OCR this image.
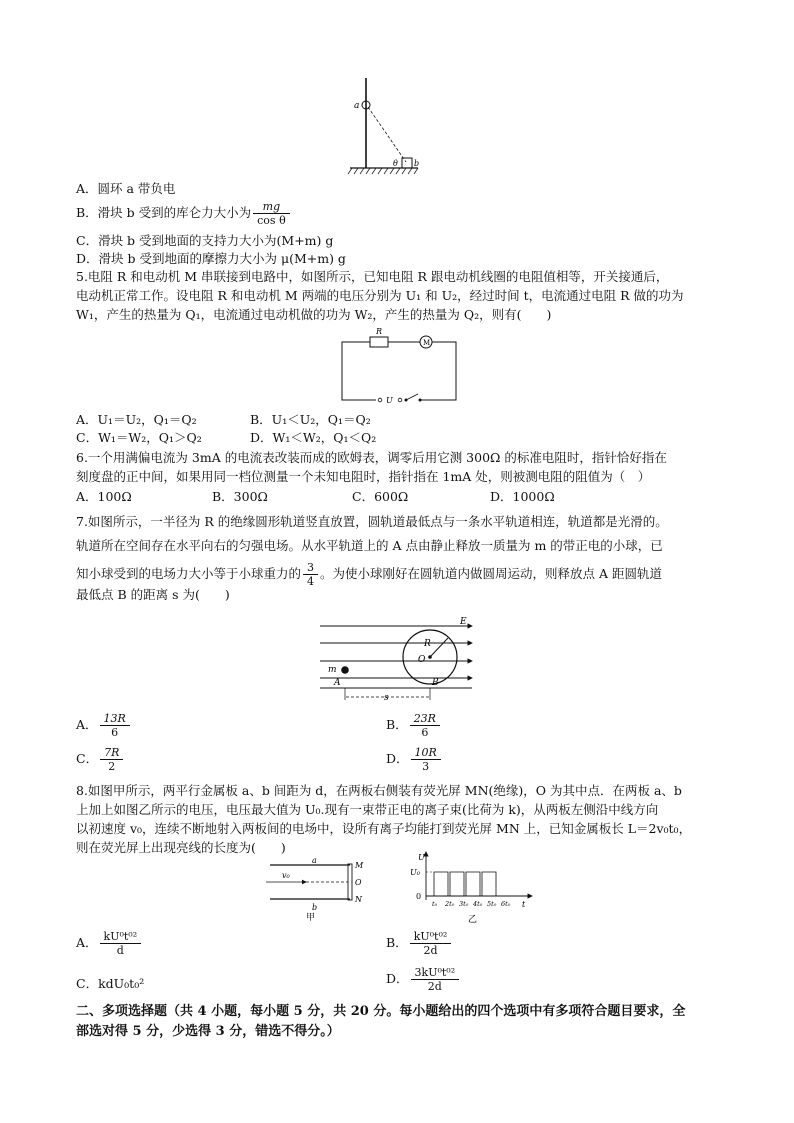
a
θ b
A．圆环 a 带负电
B．滑块 b 受到的库仑力大小为 $\frac{mg}{\text{cos θ}}$
C．滑块 b 受到地面的支持力大小为(M+m) g
D．滑块 b 受到地面的摩擦力大小为 μ(M+m) g
5.电阻 R 和电动机 M 串联接到电路中，如图所示，已知电阻 R 跟电动机线圈的电阻值相等，开关接通后，
电动机正常工作。设电阻 R 和电动机 M 两端的电压分别为 U₁ 和 U₂，经过时间 t，电流通过电阻 R 做的功为
W₁，产生的热量为 Q₁，电流通过电动机做的功为 W₂，产生的热量为 Q₂，则有(　　)
M
R
U
A．U₁＝U₂，Q₁＝Q₂	B．U₁＜U₂，Q₁＝Q₂
C．W₁＝W₂，Q₁＞Q₂	D．W₁＜W₂，Q₁＜Q₂
6.一个用满偏电流为 3mA 的电流表改装而成的欧姆表，调零后用它测 300Ω 的标准电阻时，指针恰好指在
刻度盘的正中间，如果用同一档位测量一个未知电阻时，指针指在 1mA 处，则被测电阻的阻值为（　）
A．100Ω	B．300Ω	C．600Ω	D．1000Ω
7.如图所示，一半径为 R 的绝缘圆形轨道竖直放置，圆轨道最低点与一条水平轨道相连，轨道都是光滑的。
轨道所在空间存在水平向右的匀强电场。从水平轨道上的 A 点由静止释放一质量为 m 的带正电的小球，已
知小球受到的电场力大小等于小球重力的 $\frac{3}{4}$ 。为使小球刚好在圆轨道内做圆周运动，则释放点 A 距圆轨道
最低点 B 的距离 s 为(　　)
E
R
O
m
A	B
s
A． $\frac{13R}{6}$	B． $\frac{23R}{6}$
C． $\frac{7R}{2}$	D． $\frac{10R}{3}$
8.如图甲所示，两平行金属板 a、b 间距为 d，在两板右侧装有荧光屏 MN(绝缘)，O 为其中点．在两板 a、b
上加上如图乙所示的电压，电压最大值为 U₀.现有一束带正电的离子束(比荷为 k)，从两板左侧沿中线方向
以初速度 v₀，连续不断地射入两板间的电场中，设所有离子均能打到荧光屏 MN 上，已知金属板长 L＝2v₀t₀，
则在荧光屏上出现亮线的长度为(　　)
a
b
v₀
M
O
N
甲
U
U₀
0
t
t₀ 2t₀ 3t₀ 4t₀ 5t₀ 6t₀
乙
A． $\frac{\text{kU⁰t⁰²}}{d}$	B． $\frac{\text{kU⁰t⁰²}}{2d}$
C．kdU₀t₀²	D． $\frac{\text{3kU⁰t⁰²}}{2d}$
二、多项选择题（共 4 小题，每小题 5 分，共 20 分。每小题给出的四个选项中有多项符合题目要求，全
部选对得 5 分，少选得 3 分，错选不得分。）
